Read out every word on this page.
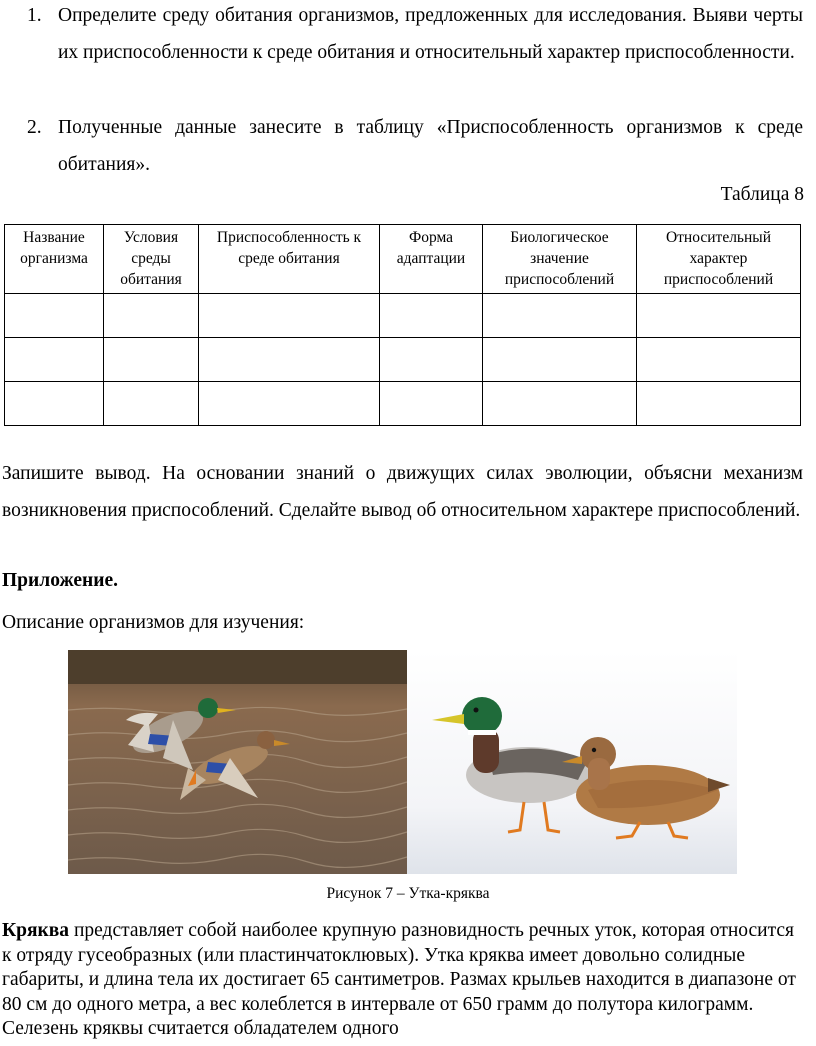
1. Определите среду обитания организмов, предложенных для исследования. Выяви черты их приспособленности к среде обитания и относительный характер приспособленности.
2. Полученные данные занесите в таблицу «Приспособленность организмов к среде обитания».
Таблица 8
Название организма	Условия среды обитания	Приспособленность к среде обитания	Форма адаптации	Биологическое значение приспособлений	Относительный характер приспособлений

Запишите вывод. На основании знаний о движущих силах эволюции, объясни механизм возникновения приспособлений. Сделайте вывод об относительном характере приспособлений.

Приложение.
Описание организмов для изучения:
Рисунок 7 – Утка-кряква

Кряква представляет собой наиболее крупную разновидность речных уток, которая относится к отряду гусеобразных (или пластинчатоклювых). Утка кряква имеет довольно солидные габариты, и длина тела их достигает 65 сантиметров. Размах крыльев находится в диапазоне от 80 см до одного метра, а вес колеблется в интервале от 650 грамм до полутора килограмм. Селезень кряквы считается обладателем одного
